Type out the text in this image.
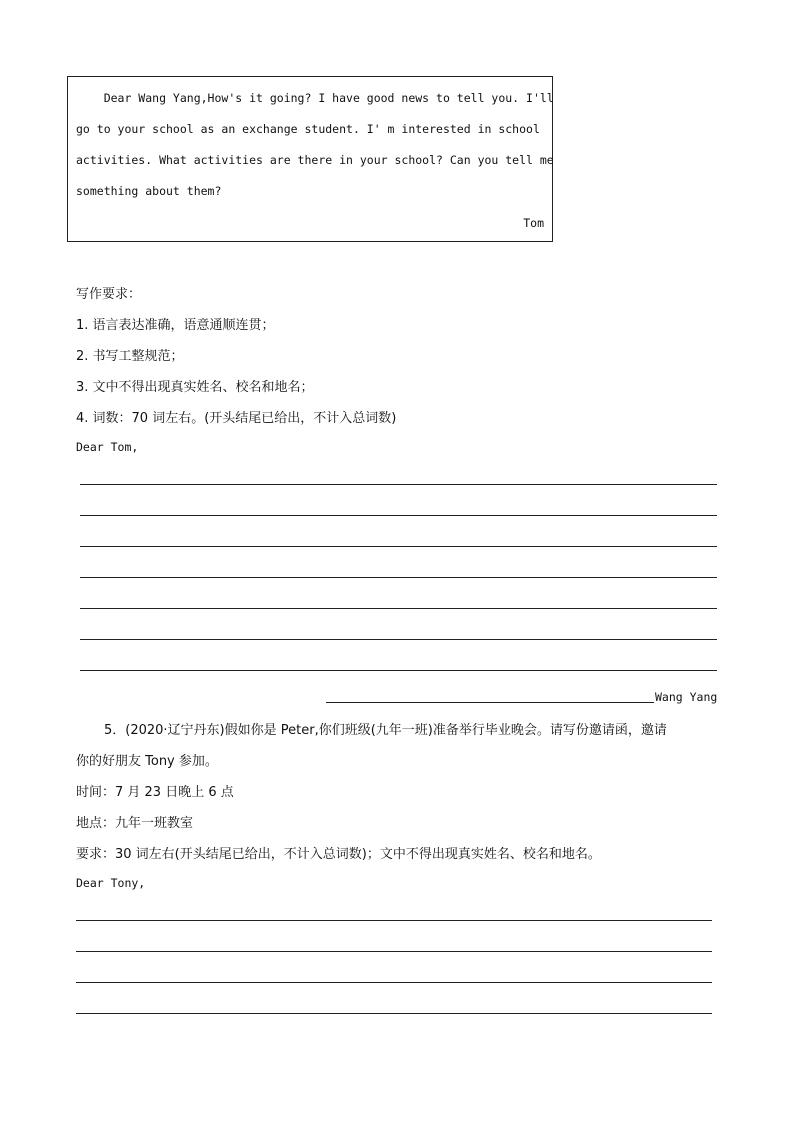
Dear Wang Yang,How's it going? I have good news to tell you. I'll
go to your school as an exchange student. I' m interested in school
activities. What activities are there in your school? Can you tell me
something about them?
Tom
写作要求：
1. 语言表达准确，语意通顺连贯；
2. 书写工整规范；
3. 文中不得出现真实姓名、校名和地名；
4. 词数：70 词左右。(开头结尾已给出，不计入总词数)
Dear Tom,
Wang Yang
5．(2020·辽宁丹东)假如你是 Peter,你们班级(九年一班)准备举行毕业晚会。请写份邀请函，邀请
你的好朋友 Tony 参加。
时间：7 月 23 日晚上 6 点
地点：九年一班教室
要求：30 词左右(开头结尾已给出，不计入总词数)；文中不得出现真实姓名、校名和地名。
Dear Tony,
